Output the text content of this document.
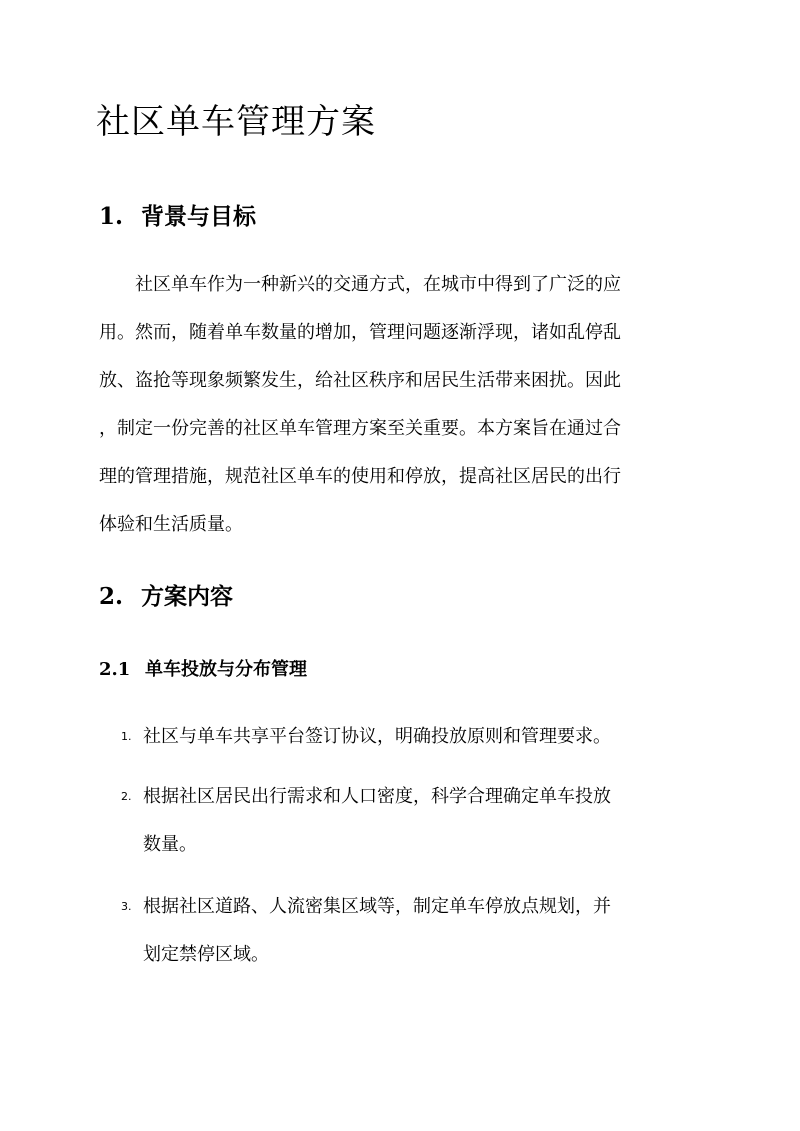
社区单车管理方案
1. 背景与目标

社区单车作为一种新兴的交通方式，在城市中得到了广泛的应

用。然而，随着单车数量的增加，管理问题逐渐浮现，诸如乱停乱

放、盗抢等现象频繁发生，给社区秩序和居民生活带来困扰。因此

，制定一份完善的社区单车管理方案至关重要。本方案旨在通过合

理的管理措施，规范社区单车的使用和停放，提高社区居民的出行

体验和生活质量。

2. 方案内容
2.1 单车投放与分布管理
1. 社区与单车共享平台签订协议，明确投放原则和管理要求。

2. 根据社区居民出行需求和人口密度，科学合理确定单车投放

数量。

3. 根据社区道路、人流密集区域等，制定单车停放点规划，并

划定禁停区域。
